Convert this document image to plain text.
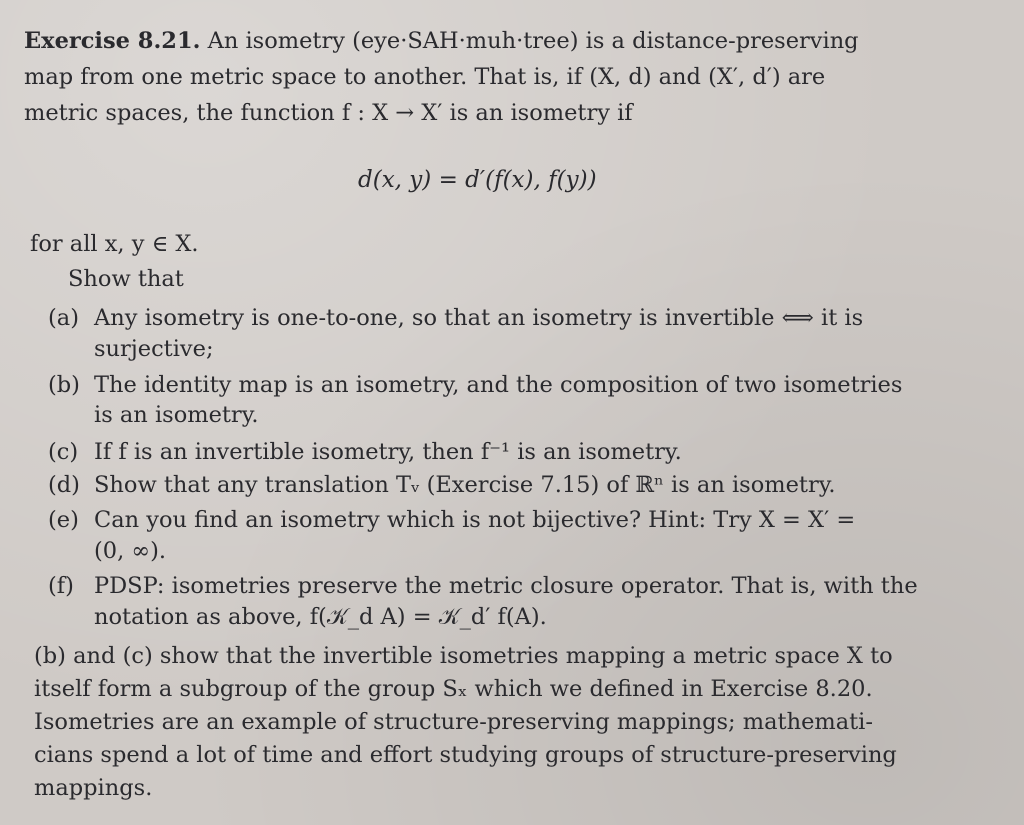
Exercise 8.21. An isometry (eye·SAH·muh·tree) is a distance-preserving
map from one metric space to another. That is, if (X, d) and (X′, d′) are
metric spaces, the function f : X → X′ is an isometry if
d(x, y) = d′(f(x), f(y))
for all x, y ∈ X.
Show that
(a) Any isometry is one-to-one, so that an isometry is invertible ⟺ it is
surjective;
(b) The identity map is an isometry, and the composition of two isometries
is an isometry.
(c) If f is an invertible isometry, then f⁻¹ is an isometry.
(d) Show that any translation Tᵥ (Exercise 7.15) of ℝⁿ is an isometry.
(e) Can you find an isometry which is not bijective? Hint: Try X = X′ =
(0, ∞).
(f) PDSP: isometries preserve the metric closure operator. That is, with the
notation as above, f(𝒦_d A) = 𝒦_d′ f(A).
(b) and (c) show that the invertible isometries mapping a metric space X to
itself form a subgroup of the group Sₓ which we defined in Exercise 8.20.
Isometries are an example of structure-preserving mappings; mathemati-
cians spend a lot of time and effort studying groups of structure-preserving
mappings.
